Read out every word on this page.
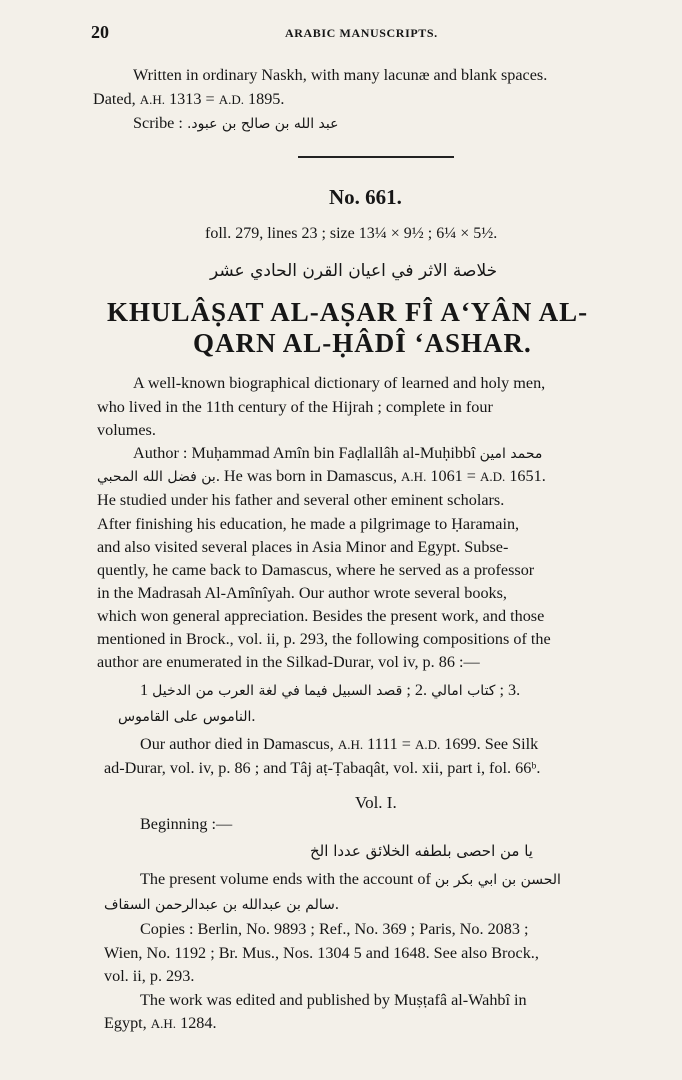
20	ARABIC MANUSCRIPTS.
Written in ordinary Naskh, with many lacunæ and blank spaces.
Dated, A.H. 1313 = A.D. 1895.
Scribe : عبد الله بن صالح بن عبود.
No. 661.
foll. 279, lines 23 ; size 13¼ × 9½ ; 6¼ × 5½.
خلاصة الاثر في اعيان القرن الحادي عشر
KHULÂṢAT AL-AṢAR FÎ A‘YÂN AL-
QARN AL-ḤÂDÎ ‘ASHAR.
A well-known biographical dictionary of learned and holy men,
who lived in the 11th century of the Hijrah ; complete in four
volumes.
Author : Muḥammad Amîn bin Faḍlallâh al-Muḥibbî محمد امين
بن فضل الله المحبي. He was born in Damascus, A.H. 1061 = A.D. 1651.
He studied under his father and several other eminent scholars.
After finishing his education, he made a pilgrimage to Ḥaramain,
and also visited several places in Asia Minor and Egypt. Subse-
quently, he came back to Damascus, where he served as a professor
in the Madrasah Al-Amînîyah. Our author wrote several books,
which won general appreciation. Besides the present work, and those
mentioned in Brock., vol. ii, p. 293, the following compositions of the
author are enumerated in the Silkad-Durar, vol iv, p. 86 :—
1 قصد السبيل فيما في لغة العرب من الدخيل ; 2. كتاب امالي ; 3.
الناموس على القاموس.
Our author died in Damascus, A.H. 1111 = A.D. 1699. See Silk
ad-Durar, vol. iv, p. 86 ; and Tâj aṭ-Ṭabaqât, vol. xii, part i, fol. 66ᵇ.
Vol. I.
Beginning :—
يا من احصى بلطفه الخلائق عددا الخ
The present volume ends with the account of الحسن بن ابي بكر بن
سالم بن عبدالله بن عبدالرحمن السقاف.
Copies : Berlin, No. 9893 ; Ref., No. 369 ; Paris, No. 2083 ;
Wien, No. 1192 ; Br. Mus., Nos. 1304 5 and 1648. See also Brock.,
vol. ii, p. 293.
The work was edited and published by Muṣṭafâ al-Wahbî in
Egypt, A.H. 1284.
